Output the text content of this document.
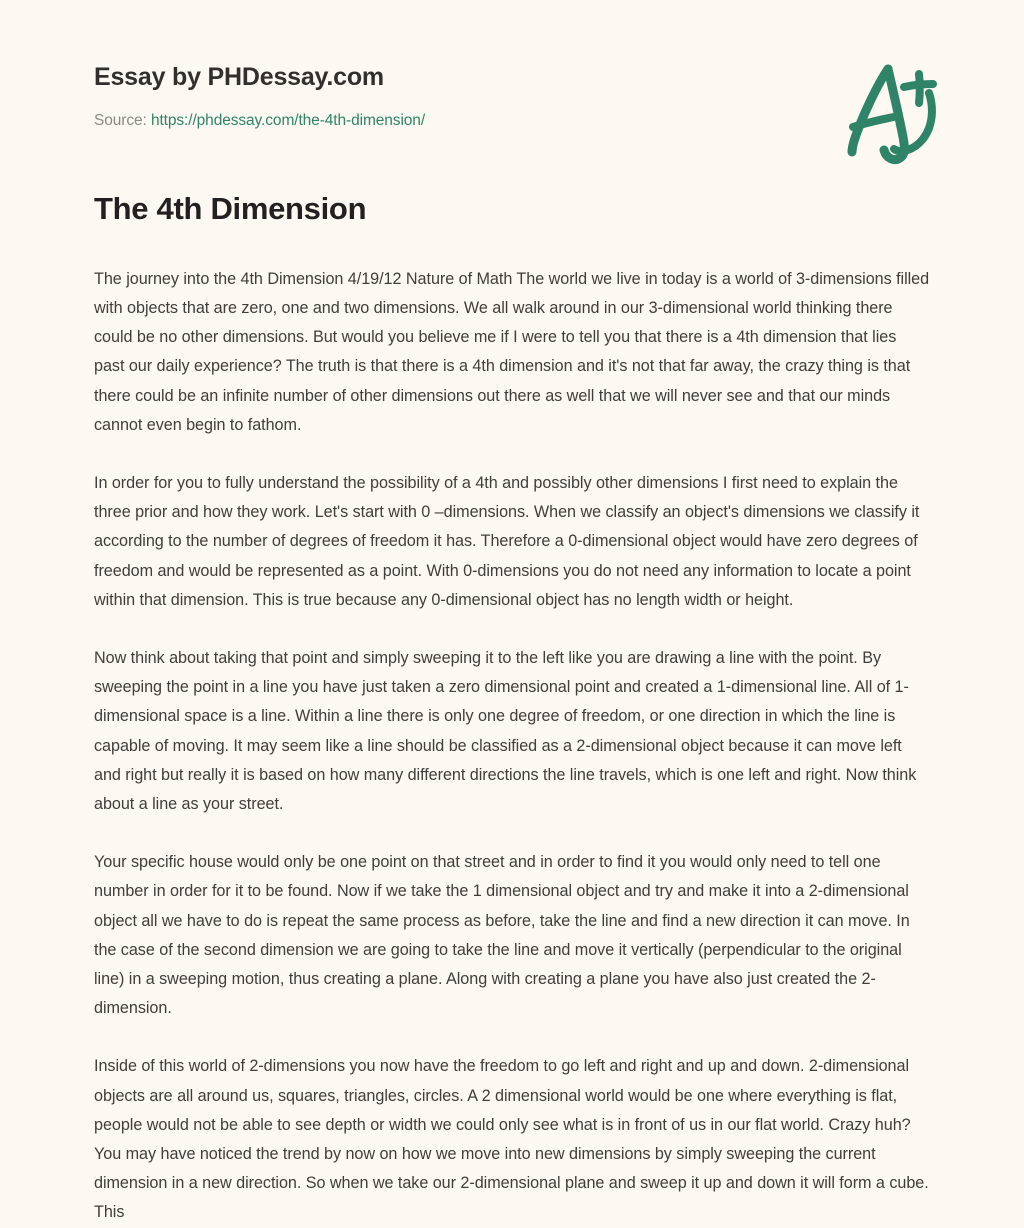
Essay by PHDessay.com
Source: https://phdessay.com/the-4th-dimension/
The 4th Dimension

The journey into the 4th Dimension 4/19/12 Nature of Math The world we live in today is a world of 3-dimensions filled with objects that are zero, one and two dimensions. We all walk around in our 3-dimensional world thinking there could be no other dimensions. But would you believe me if I were to tell you that there is a 4th dimension that lies past our daily experience? The truth is that there is a 4th dimension and it's not that far away, the crazy thing is that there could be an infinite number of other dimensions out there as well that we will never see and that our minds cannot even begin to fathom.

In order for you to fully understand the possibility of a 4th and possibly other dimensions I first need to explain the three prior and how they work. Let's start with 0 –dimensions. When we classify an object's dimensions we classify it according to the number of degrees of freedom it has. Therefore a 0-dimensional object would have zero degrees of freedom and would be represented as a point. With 0-dimensions you do not need any information to locate a point within that dimension. This is true because any 0-dimensional object has no length width or height.

Now think about taking that point and simply sweeping it to the left like you are drawing a line with the point. By sweeping the point in a line you have just taken a zero dimensional point and created a 1-dimensional line. All of 1-dimensional space is a line. Within a line there is only one degree of freedom, or one direction in which the line is capable of moving. It may seem like a line should be classified as a 2-dimensional object because it can move left and right but really it is based on how many different directions the line travels, which is one left and right. Now think about a line as your street.

Your specific house would only be one point on that street and in order to find it you would only need to tell one number in order for it to be found. Now if we take the 1 dimensional object and try and make it into a 2-dimensional object all we have to do is repeat the same process as before, take the line and find a new direction it can move. In the case of the second dimension we are going to take the line and move it vertically (perpendicular to the original line) in a sweeping motion, thus creating a plane. Along with creating a plane you have also just created the 2-dimension.

Inside of this world of 2-dimensions you now have the freedom to go left and right and up and down. 2-dimensional objects are all around us, squares, triangles, circles. A 2 dimensional world would be one where everything is flat, people would not be able to see depth or width we could only see what is in front of us in our flat world. Crazy huh? You may have noticed the trend by now on how we move into new dimensions by simply sweeping the current dimension in a new direction. So when we take our 2-dimensional plane and sweep it up and down it will form a cube. This
